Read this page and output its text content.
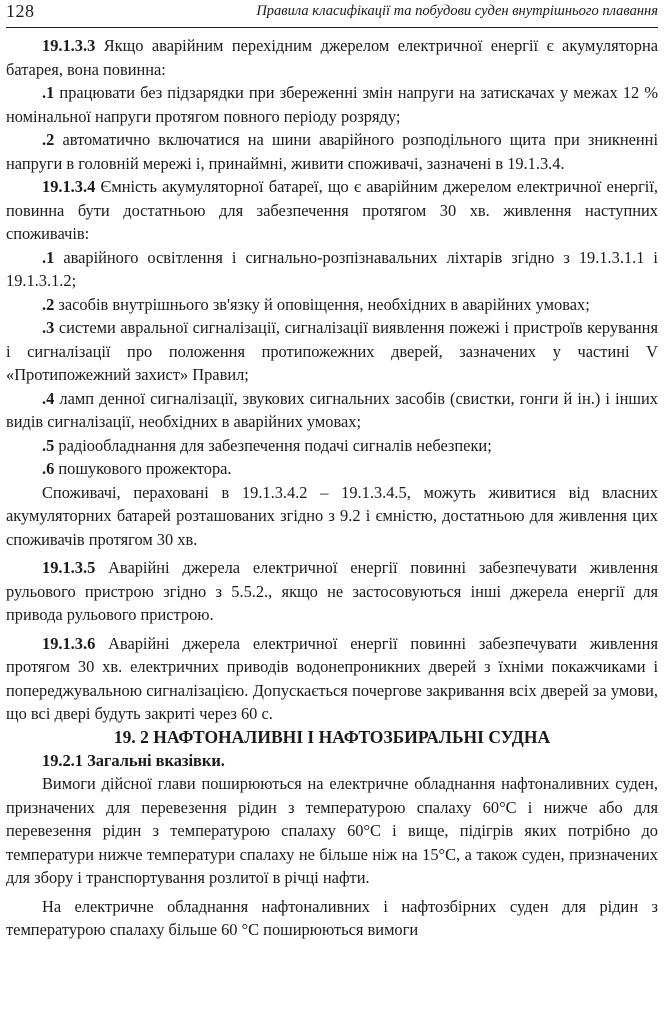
128	Правила класифікації та побудови суден внутрішнього плавання

19.1.3.3 Якщо аварійним перехідним джерелом електричної енергії є акумуляторна батарея, вона повинна:

.1 працювати без підзарядки при збереженні змін напруги на затискачах у межах 12 % номінальної напруги протягом повного періоду розряду;

.2 автоматично включатися на шини аварійного розподільного щита при зникненні напруги в головній мережі і, принаймні, живити споживачі, зазначені в 19.1.3.4.

19.1.3.4 Ємність акумуляторної батареї, що є аварійним джерелом електричної енергії, повинна бути достатньою для забезпечення протягом 30 хв. живлення наступних споживачів:

.1 аварійного освітлення і сигнально-розпізнавальних ліхтарів згідно з 19.1.3.1.1 і 19.1.3.1.2;

.2 засобів внутрішнього зв'язку й оповіщення, необхідних в аварійних умовах;

.3 системи авральної сигналізації, сигналізації виявлення пожежі і пристроїв керування і сигналізації про положення протипожежних дверей, зазначених у частині V «Протипожежний захист» Правил;

.4 ламп денної сигналізації, звукових сигнальних засобів (свистки, гонги й ін.) і інших видів сигналізації, необхідних в аварійних умовах;

.5 радіообладнання для забезпечення подачі сигналів небезпеки;

.6 пошукового прожектора.

Споживачі, пераховані в 19.1.3.4.2 – 19.1.3.4.5, можуть живитися від власних акумуляторних батарей розташованих згідно з 9.2 і ємністю, достатньою для живлення цих споживачів протягом 30 хв.

19.1.3.5 Аварійні джерела електричної енергії повинні забезпечувати живлення рульового пристрою згідно з 5.5.2., якщо не застосовуються інші джерела енергії для привода рульового пристрою.

19.1.3.6 Аварійні джерела електричної енергії повинні забезпечувати живлення протягом 30 хв. електричних приводів водонепроникних дверей з їхніми покажчиками і попереджувальною сигналізацією. Допускається почергове закривання всіх дверей за умови, що всі двері будуть закриті через 60 с.

19. 2 НАФТОНАЛИВНІ І НАФТОЗБИРАЛЬНІ СУДНА

19.2.1 Загальні вказівки.

Вимоги дійсної глави поширюються на електричне обладнання нафтоналивних суден, призначених для перевезення рідин з температурою спалаху 60°С і нижче або для перевезення рідин з температурою спалаху 60°С і вище, підігрів яких потрібно до температури нижче температури спалаху не більше ніж на 15°С, а також суден, призначених для збору і транспортування розлитої в річці нафти.

На електричне обладнання нафтоналивних і нафтозбірних суден для рідин з температурою спалаху більше 60 °С поширюються вимоги
